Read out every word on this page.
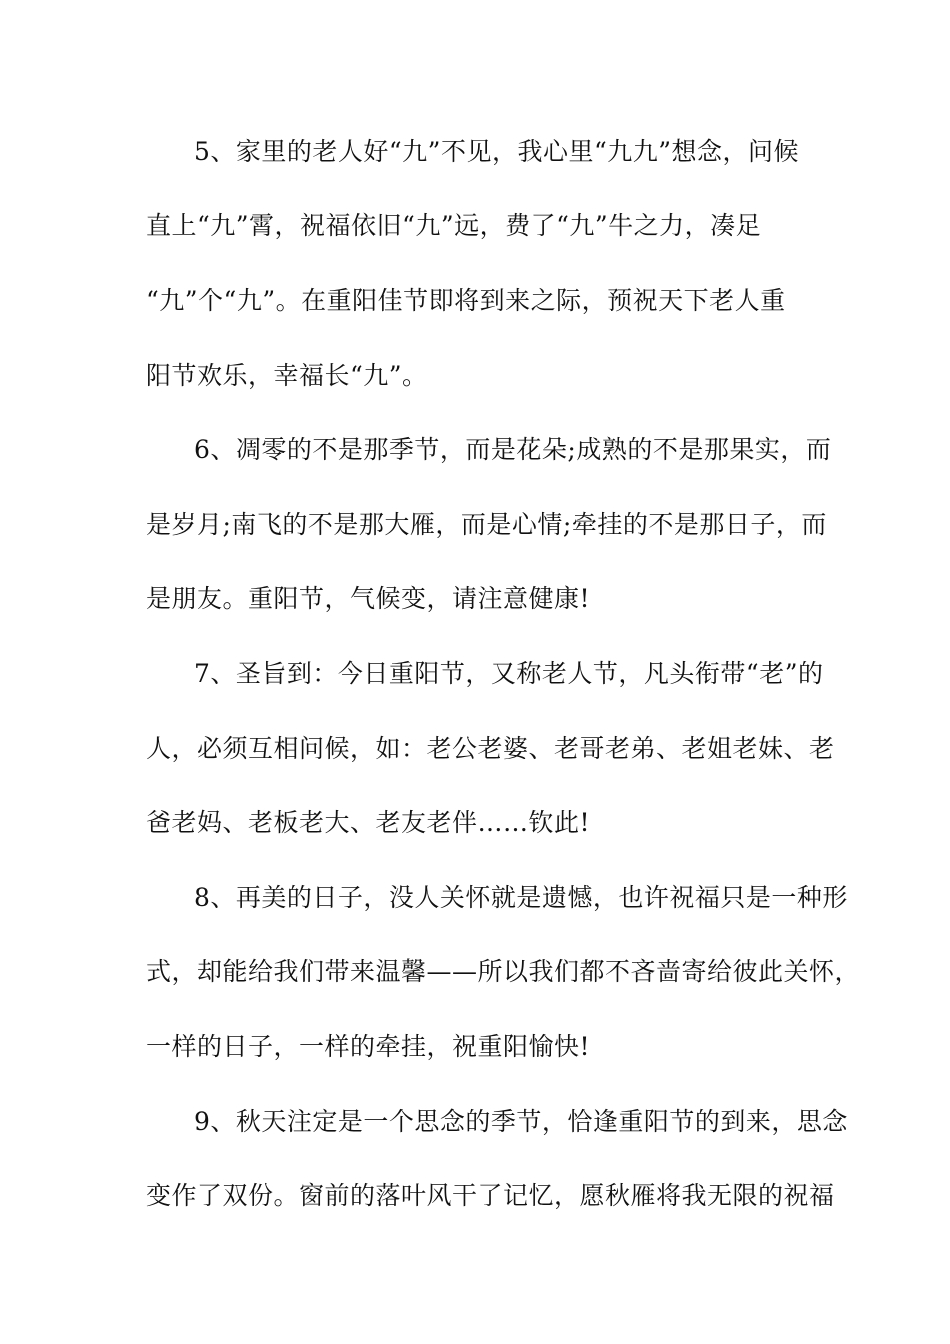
5、家里的老人好“九”不见，我心里“九九”想念，问候
直上“九”霄，祝福依旧“九”远，费了“九”牛之力，凑足
“九”个“九”。在重阳佳节即将到来之际，预祝天下老人重
阳节欢乐，幸福长“九”。
6、凋零的不是那季节，而是花朵;成熟的不是那果实，而
是岁月;南飞的不是那大雁，而是心情;牵挂的不是那日子，而
是朋友。重阳节，气候变，请注意健康!
7、圣旨到：今日重阳节，又称老人节，凡头衔带“老”的
人，必须互相问候，如：老公老婆、老哥老弟、老姐老妹、老
爸老妈、老板老大、老友老伴……钦此!
8、再美的日子，没人关怀就是遗憾，也许祝福只是一种形
式，却能给我们带来温馨——所以我们都不吝啬寄给彼此关怀，
一样的日子，一样的牵挂，祝重阳愉快!
9、秋天注定是一个思念的季节，恰逢重阳节的到来，思念
变作了双份。窗前的落叶风干了记忆，愿秋雁将我无限的祝福
